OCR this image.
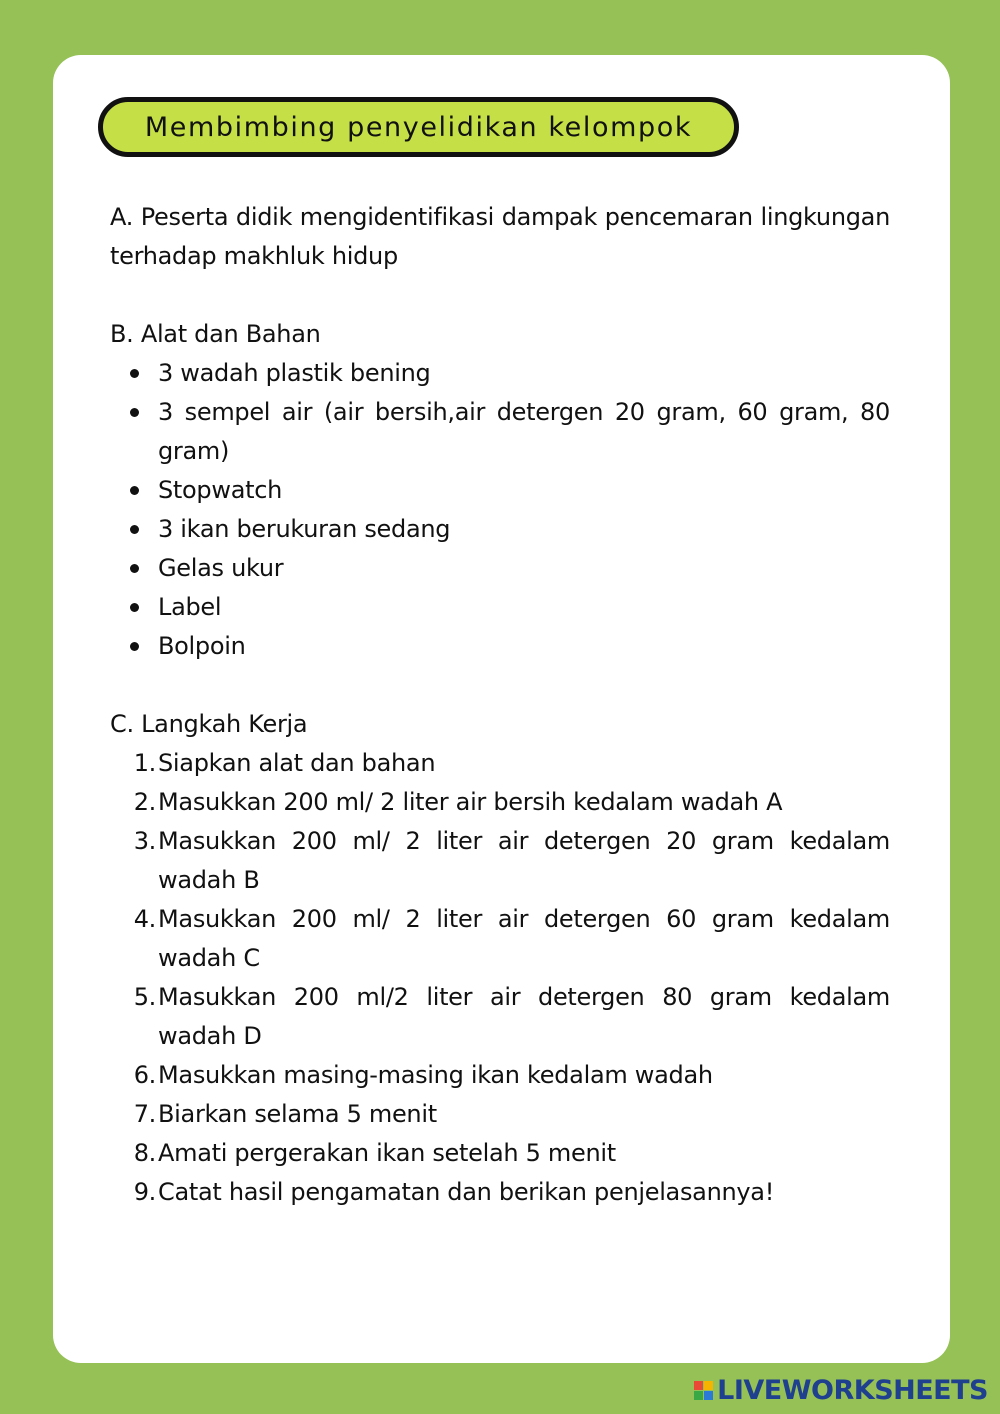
Membimbing penyelidikan kelompok

A. Peserta didik mengidentifikasi dampak pencemaran lingkungan terhadap makhluk hidup

B. Alat dan Bahan

3 wadah plastik bening
3 sempel air (air bersih,air detergen 20 gram, 60 gram, 80 gram)
Stopwatch
3 ikan berukuran sedang
Gelas ukur
Label
Bolpoin

C. Langkah Kerja

1. Siapkan alat dan bahan
2. Masukkan 200 ml/ 2 liter air bersih kedalam wadah A
3. Masukkan 200 ml/ 2 liter air detergen 20 gram kedalam wadah B
4. Masukkan 200 ml/ 2 liter air detergen 60 gram kedalam wadah C
5. Masukkan 200 ml/2 liter air detergen 80 gram kedalam wadah D
6. Masukkan masing-masing ikan kedalam wadah
7. Biarkan selama 5 menit
8. Amati pergerakan ikan setelah 5 menit
9. Catat hasil pengamatan dan berikan penjelasannya!
LIVEWORKSHEETS
